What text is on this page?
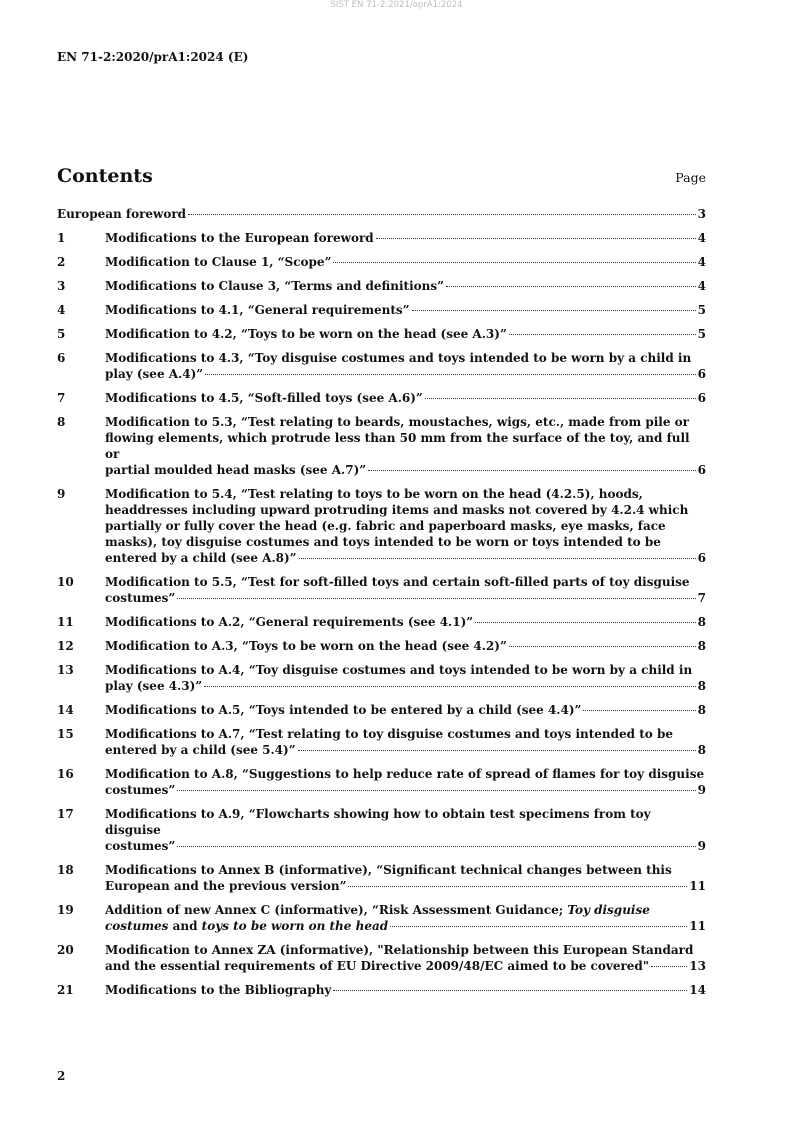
SIST EN 71-2:2021/oprA1:2024
EN 71-2:2020/prA1:2024 (E)
Contents	Page
European foreword	3
1	Modifications to the European foreword	4
2	Modification to Clause 1, “Scope”	4
3	Modifications to Clause 3, “Terms and definitions”	4
4	Modifications to 4.1, “General requirements”	5
5	Modification to 4.2, “Toys to be worn on the head (see A.3)”	5
6	Modifications to 4.3, “Toy disguise costumes and toys intended to be worn by a child in
play (see A.4)”	6
7	Modifications to 4.5, “Soft-filled toys (see A.6)”	6
8	Modification to 5.3, “Test relating to beards, moustaches, wigs, etc., made from pile or flowing elements, which protrude less than 50 mm from the surface of the toy, and full or
partial moulded head masks (see A.7)”	6
9	Modification to 5.4, “Test relating to toys to be worn on the head (4.2.5), hoods, headdresses including upward protruding items and masks not covered by 4.2.4 which partially or fully cover the head (e.g. fabric and paperboard masks, eye masks, face masks), toy disguise costumes and toys intended to be worn or toys intended to be
entered by a child (see A.8)”	6
10	Modification to 5.5, “Test for soft-filled toys and certain soft-filled parts of toy disguise
costumes”	7
11	Modifications to A.2, “General requirements (see 4.1)”	8
12	Modification to A.3, “Toys to be worn on the head (see 4.2)”	8
13	Modifications to A.4, “Toy disguise costumes and toys intended to be worn by a child in
play (see 4.3)”	8
14	Modifications to A.5, “Toys intended to be entered by a child (see 4.4)”	8
15	Modifications to A.7, “Test relating to toy disguise costumes and toys intended to be
entered by a child (see 5.4)”	8
16	Modification to A.8, “Suggestions to help reduce rate of spread of flames for toy disguise
costumes”	9
17	Modifications to A.9, “Flowcharts showing how to obtain test specimens from toy disguise
costumes”	9
18	Modifications to Annex B (informative), “Significant technical changes between this
European and the previous version”	11
19	Addition of new Annex C (informative), “Risk Assessment Guidance; Toy disguise
costumes and toys to be worn on the head	11
20	Modification to Annex ZA (informative), "Relationship between this European Standard
and the essential requirements of EU Directive 2009/48/EC aimed to be covered"	13
21	Modifications to the Bibliography	14
2
